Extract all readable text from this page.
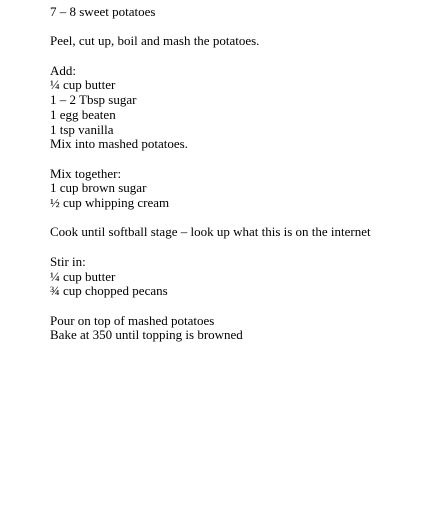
7 – 8 sweet potatoes
Peel, cut up, boil and mash the potatoes.
Add:
¼ cup butter
1 – 2 Tbsp sugar
1 egg beaten
1 tsp vanilla
Mix into mashed potatoes.
Mix together:
1 cup brown sugar
½ cup whipping cream
Cook until softball stage – look up what this is on the internet
Stir in:
¼ cup butter
¾ cup chopped pecans
Pour on top of mashed potatoes
Bake at 350 until topping is browned
